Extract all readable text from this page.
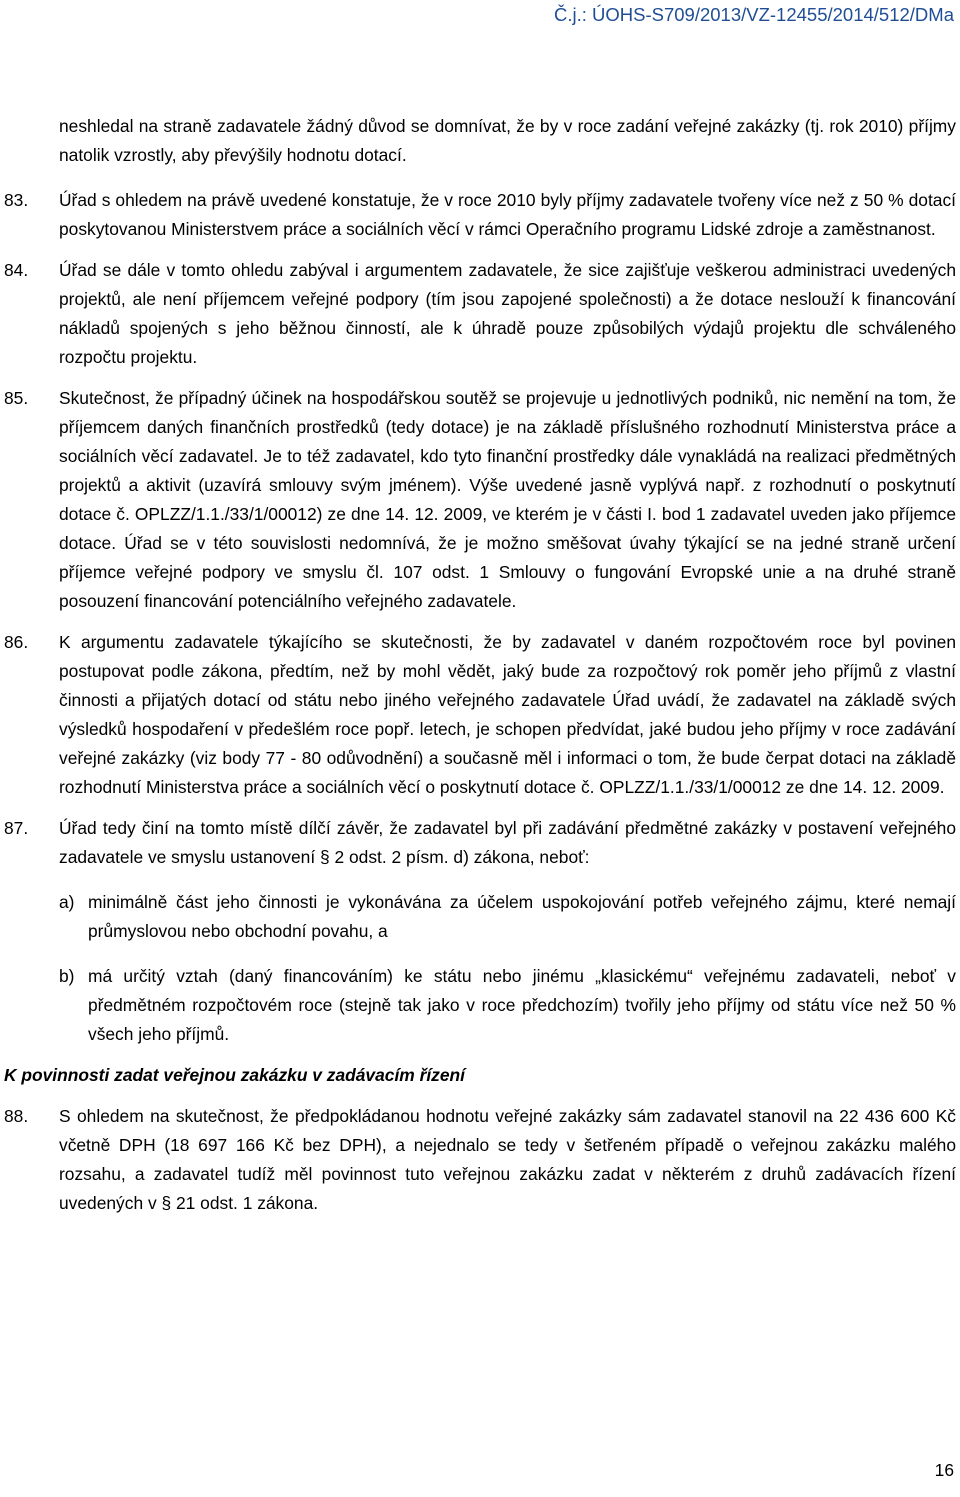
Č.j.: ÚOHS-S709/2013/VZ-12455/2014/512/DMa

neshledal na straně zadavatele žádný důvod se domnívat, že by v roce zadání veřejné zakázky (tj. rok 2010) příjmy natolik vzrostly, aby převýšily hodnotu dotací.

83. Úřad s ohledem na právě uvedené konstatuje, že v roce 2010 byly příjmy zadavatele tvořeny více než z 50 % dotací poskytovanou Ministerstvem práce a sociálních věcí v rámci Operačního programu Lidské zdroje a zaměstnanost.

84. Úřad se dále v tomto ohledu zabýval i argumentem zadavatele, že sice zajišťuje veškerou administraci uvedených projektů, ale není příjemcem veřejné podpory (tím jsou zapojené společnosti) a že dotace neslouží k financování nákladů spojených s jeho běžnou činností, ale k úhradě pouze způsobilých výdajů projektu dle schváleného rozpočtu projektu.

85. Skutečnost, že případný účinek na hospodářskou soutěž se projevuje u jednotlivých podniků, nic nemění na tom, že příjemcem daných finančních prostředků (tedy dotace) je na základě příslušného rozhodnutí Ministerstva práce a sociálních věcí zadavatel. Je to též zadavatel, kdo tyto finanční prostředky dále vynakládá na realizaci předmětných projektů a aktivit (uzavírá smlouvy svým jménem). Výše uvedené jasně vyplývá např. z rozhodnutí o poskytnutí dotace č. OPLZZ/1.1./33/1/00012) ze dne 14. 12. 2009, ve kterém je v části I. bod 1 zadavatel uveden jako příjemce dotace. Úřad se v této souvislosti nedomnívá, že je možno směšovat úvahy týkající se na jedné straně určení příjemce veřejné podpory ve smyslu čl. 107 odst. 1 Smlouvy o fungování Evropské unie a na druhé straně posouzení financování potenciálního veřejného zadavatele.

86. K argumentu zadavatele týkajícího se skutečnosti, že by zadavatel v daném rozpočtovém roce byl povinen postupovat podle zákona, předtím, než by mohl vědět, jaký bude za rozpočtový rok poměr jeho příjmů z vlastní činnosti a přijatých dotací od státu nebo jiného veřejného zadavatele Úřad uvádí, že zadavatel na základě svých výsledků hospodaření v předešlém roce popř. letech, je schopen předvídat, jaké budou jeho příjmy v roce zadávání veřejné zakázky (viz body 77 - 80 odůvodnění) a současně měl i informaci o tom, že bude čerpat dotaci na základě rozhodnutí Ministerstva práce a sociálních věcí o poskytnutí dotace č. OPLZZ/1.1./33/1/00012 ze dne 14. 12. 2009.

87. Úřad tedy činí na tomto místě dílčí závěr, že zadavatel byl při zadávání předmětné zakázky v postavení veřejného zadavatele ve smyslu ustanovení § 2 odst. 2 písm. d) zákona, neboť:

a) minimálně část jeho činnosti je vykonávána za účelem uspokojování potřeb veřejného zájmu, které nemají průmyslovou nebo obchodní povahu, a

b) má určitý vztah (daný financováním) ke státu nebo jinému „klasickému“ veřejnému zadavateli, neboť v předmětném rozpočtovém roce (stejně tak jako v roce předchozím) tvořily jeho příjmy od státu více než 50 % všech jeho příjmů.

K povinnosti zadat veřejnou zakázku v zadávacím řízení

88. S ohledem na skutečnost, že předpokládanou hodnotu veřejné zakázky sám zadavatel stanovil na 22 436 600 Kč včetně DPH (18 697 166 Kč bez DPH), a nejednalo se tedy v šetřeném případě o veřejnou zakázku malého rozsahu, a zadavatel tudíž měl povinnost tuto veřejnou zakázku zadat v některém z druhů zadávacích řízení uvedených v § 21 odst. 1 zákona.

16
